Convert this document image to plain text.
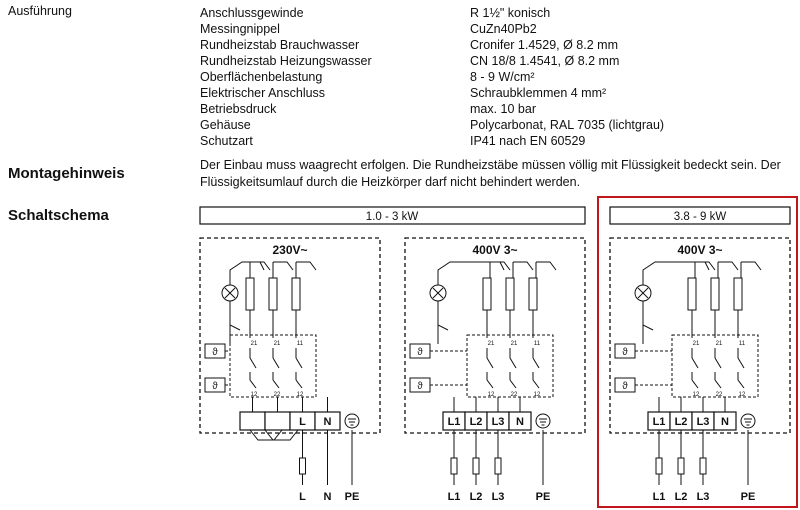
Ausführung	Anschlussgewinde	R 1½" konisch
Messingnippel	CuZn40Pb2
Rundheizstab Brauchwasser	Cronifer 1.4529, Ø 8.2 mm
Rundheizstab Heizungswasser	CN 18/8 1.4541, Ø 8.2 mm
Oberflächenbelastung	8 - 9 W/cm²
Elektrischer Anschluss	Schraubklemmen 4 mm²
Betriebsdruck	max. 10 bar
Gehäuse	Polycarbonat, RAL 7035 (lichtgrau)
Schutzart	IP41 nach EN 60529
Montagehinweis	Der Einbau muss waagrecht erfolgen. Die Rundheizstäbe müssen völlig mit Flüssigkeit bedeckt sein. Der Flüssigkeitsumlauf durch die Heizkörper darf nicht behindert werden.
Schaltschema	1.0 - 3 kW	3.8 - 9 kW
230V~
21
12
21
22
11
12
ϑ
ϑ
L N
L N PE
400V 3~
21
12
21
22
11
12
ϑ
ϑ
L1 L2 L3 N
L1 L2 L3	PE
400V 3~
21
12
21
22
11
12
ϑ
ϑ
L1 L2 L3 N
L1 L2 L3	PE
